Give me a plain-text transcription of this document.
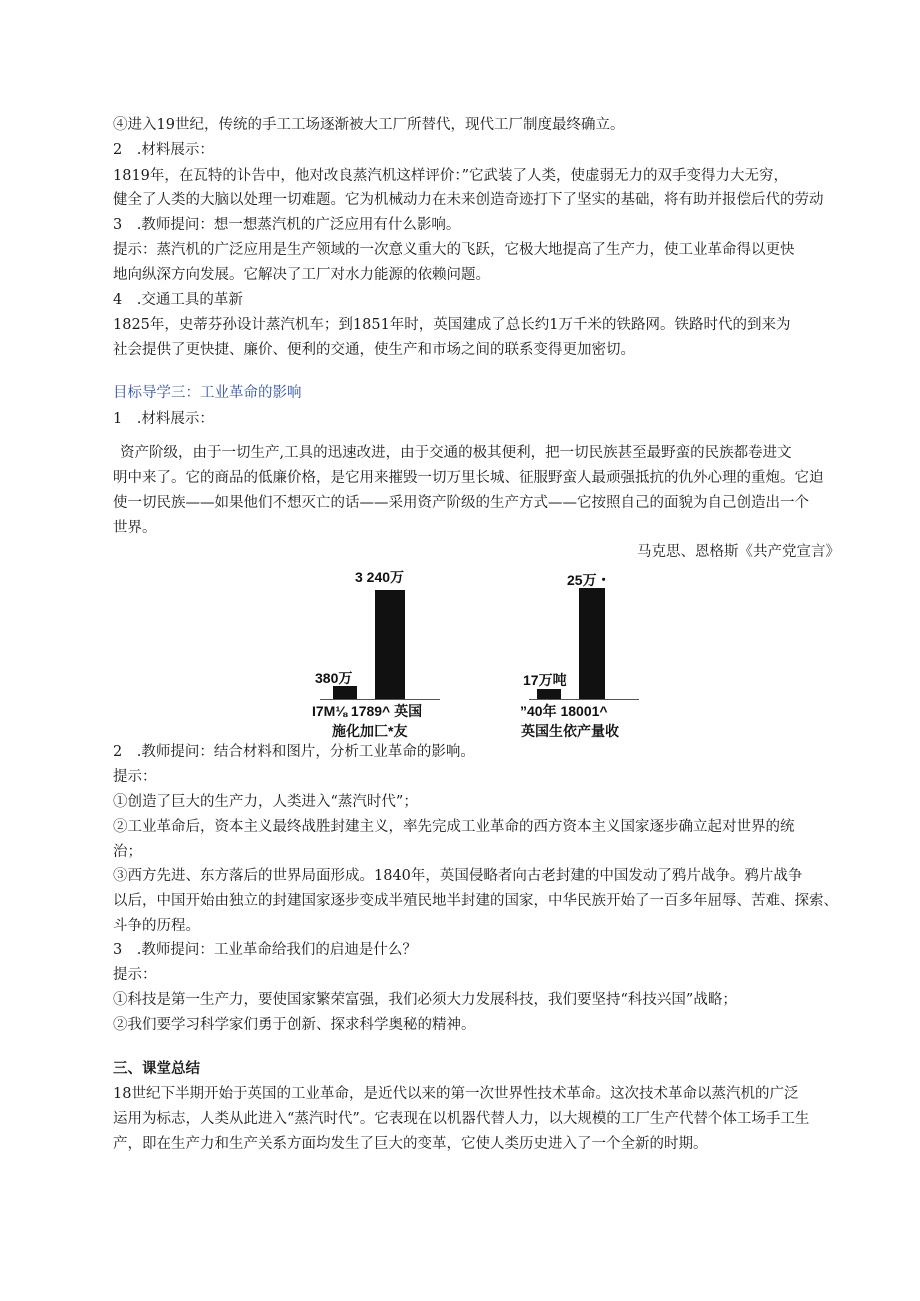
④进入19世纪，传统的手工工场逐渐被大工厂所替代，现代工厂制度最终确立。
2　.材料展示：
1819年，在瓦特的讣告中，他对改良蒸汽机这样评价：”它武装了人类，使虚弱无力的双手变得力大无穷，
健全了人类的大脑以处理一切难题。它为机械动力在未来创造奇迹打下了坚实的基础，将有助并报偿后代的劳动
3　.教师提问：想一想蒸汽机的广泛应用有什么影响。
提示：蒸汽机的广泛应用是生产领域的一次意义重大的飞跃，它极大地提高了生产力，使工业革命得以更快
地向纵深方向发展。它解决了工厂对水力能源的依赖问题。
4　.交通工具的革新
1825年，史蒂芬孙设计蒸汽机车；到1851年时，英国建成了总长约1万千米的铁路网。铁路时代的到来为
社会提供了更快捷、廉价、便利的交通，使生产和市场之间的联系变得更加密切。
目标导学三：工业革命的影响
1　.材料展示：
资产阶级，由于一切生产,工具的迅速改进，由于交通的极其便利，把一切民族甚至最野蛮的民族都卷进文
明中来了。它的商品的低廉价格，是它用来摧毁一切万里长城、征服野蛮人最顽强抵抗的仇外心理的重炮。它迫
使一切民族——如果他们不想灭亡的话——采用资产阶级的生产方式——它按照自己的面貌为自己创造出一个
世界。
马克思、恩格斯《共产党宣言》
3 240万
380万
I7M⅛ 1789^ 英国
施化加匚*友
25万・
17万吨
”40年 18001^
英国生依产量收
2　.教师提问：结合材料和图片，分析工业革命的影响。
提示：
①创造了巨大的生产力，人类进入“蒸汽时代”；
②工业革命后，资本主义最终战胜封建主义，率先完成工业革命的西方资本主义国家逐步确立起对世界的统
治；
③西方先进、东方落后的世界局面形成。1840年，英国侵略者向古老封建的中国发动了鸦片战争。鸦片战争
以后，中国开始由独立的封建国家逐步变成半殖民地半封建的国家，中华民族开始了一百多年屈辱、苦难、探索、
斗争的历程。
3　.教师提问：工业革命给我们的启迪是什么？
提示：
①科技是第一生产力，要使国家繁荣富强，我们必须大力发展科技，我们要坚持“科技兴国”战略；
②我们要学习科学家们勇于创新、探求科学奥秘的精神。
三、课堂总结
18世纪下半期开始于英国的工业革命，是近代以来的第一次世界性技术革命。这次技术革命以蒸汽机的广泛
运用为标志，人类从此进入“蒸汽时代”。它表现在以机器代替人力，以大规模的工厂生产代替个体工场手工生
产，即在生产力和生产关系方面均发生了巨大的变革，它使人类历史进入了一个全新的时期。
